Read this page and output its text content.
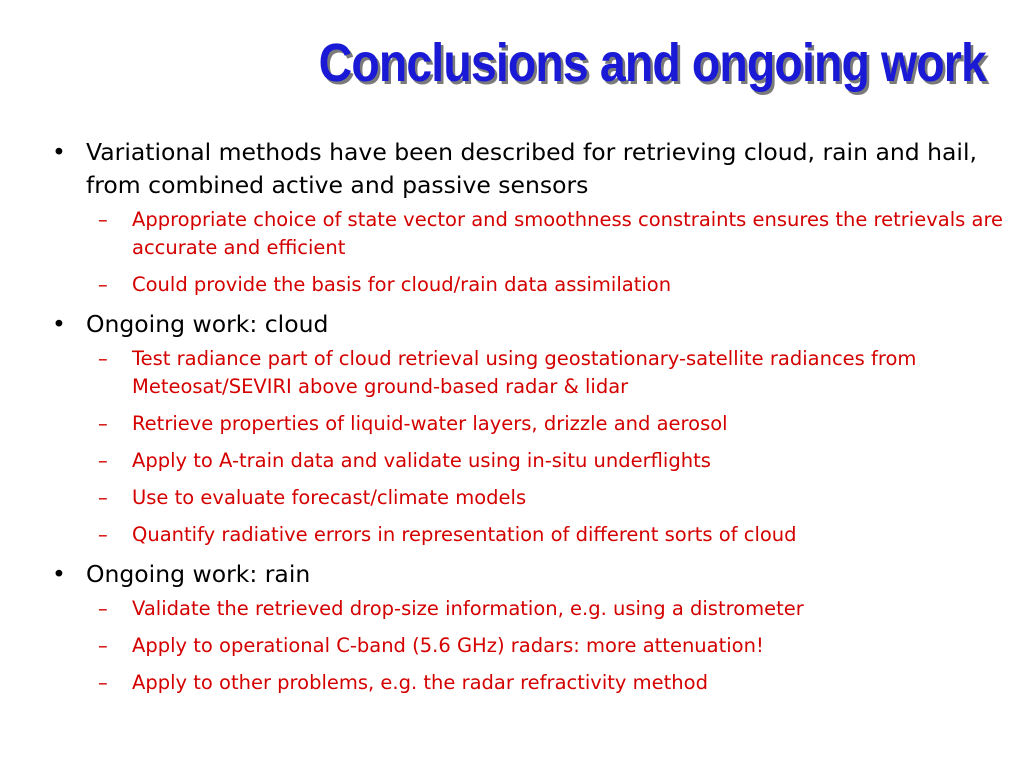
Conclusions and ongoing work

• Variational methods have been described for retrieving cloud, rain and hail, from combined active and passive sensors

– Appropriate choice of state vector and smoothness constraints ensures the retrievals are accurate and efficient
– Could provide the basis for cloud/rain data assimilation

• Ongoing work: cloud

– Test radiance part of cloud retrieval using geostationary-satellite radiances from Meteosat/SEVIRI above ground-based radar & lidar
– Retrieve properties of liquid-water layers, drizzle and aerosol
– Apply to A-train data and validate using in-situ underflights
– Use to evaluate forecast/climate models
– Quantify radiative errors in representation of different sorts of cloud

• Ongoing work: rain

– Validate the retrieved drop-size information, e.g. using a distrometer
– Apply to operational C-band (5.6 GHz) radars: more attenuation!
– Apply to other problems, e.g. the radar refractivity method
